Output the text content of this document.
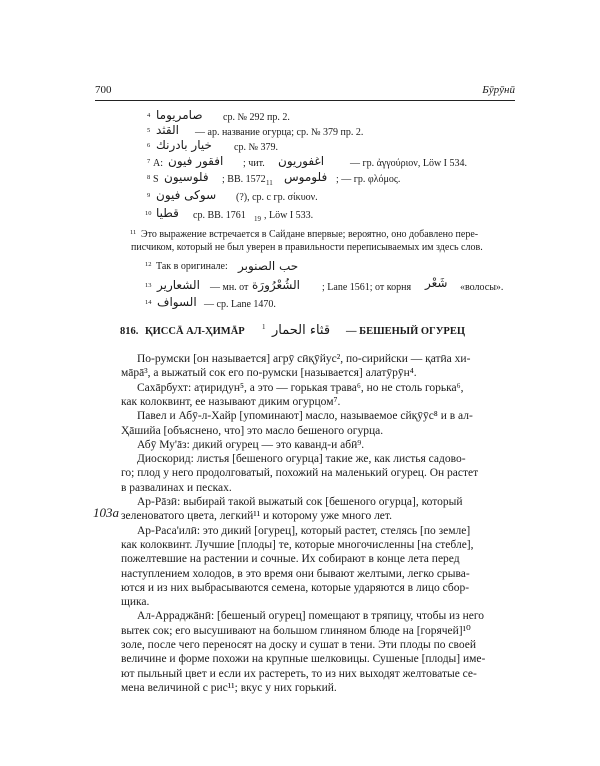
700	Бӯрӯнӣ
4 صامريوما ср. № 292 пр. 2.
5 القثد — ар. название огурца; ср. № 379 пр. 2.
6 خيار بادرنك ср. № 379.
7 А: افقور فيون ; чит. اغفوريون	— гр. ἀγγούριον, Löw I 534.
8 S فلوسيون ; BB. 1572 11 فلوموس ; — гр. φλόμος.
9 سوكى فيون (?), ср. с гр. σίκυον.
10 قطيا ср. BB. 1761 19 , Löw I 533.
11 Это выражение встречается в Сайдане впервые; вероятно, оно добавлено пере-
писчиком, который не был уверен в правильности переписываемых им здесь слов.
12 Так в оригинале: حب الصنوبر
13 الشعارير — мн. от الشُعْرُورَة ; Lane 1561; от корня شَعْر «волосы».
14 السواف — ср. Lane 1470.
816. ҚИССĀ АЛ-ҲИМĀР 1 قثاء الحمار — БЕШЕНЫЙ ОГУРЕЦ
103а
По-румски [он называется] агрӯ сӣқӯйус², по-сирийски — қатӣа хи-
мāрā³, а выжатый сок его по-румски [называется] алатӯрӯн⁴.
Сахāрбухт: аҭиридун⁵, а это — горькая трава⁶, но не столь горька⁶,
как колоквинт, ее называют диким огурцом⁷.
Павел и Абӯ-л-Хайр [упоминают] масло, называемое сйқӯӯс⁸ и в ал-
Ҳāшийа [объяснено, что] это масло бешеного огурца.
Абӯ Му'āз: дикий огурец — это каванд-и абӣ⁹.
Диоскорид: листья [бешеного огурца] такие же, как листья садово-
го; плод у него продолговатый, похожий на маленький огурец. Он растет
в развалинах и песках.
Ар-Рāзӣ: выбирай такой выжатый сок [бешеного огурца], который
зеленоватого цвета, легкий¹¹ и которому уже много лет.
Ар-Раса'илӣ: это дикий [огурец], который растет, стелясь [по земле]
как колоквинт. Лучшие [плоды] те, которые многочисленны [на стебле],
пожелтевшие на растении и сочные. Их собирают в конце лета перед
наступлением холодов, в это время они бывают желтыми, легко срыва-
ются и из них выбрасываются семена, которые ударяются в лицо сбор-
щика.
Ал-Арраджāнӣ: [бешеный огурец] помещают в тряпицу, чтобы из него
вытек сок; его высушивают на большом глиняном блюде на [горячей]¹⁰
золе, после чего переносят на доску и сушат в тени. Эти плоды по своей
величине и форме похожи на крупные шелковицы. Сушеные [плоды] име-
ют пыльный цвет и если их растереть, то из них выходят желтоватые се-
мена величиной с рис¹¹; вкус у них горький.
